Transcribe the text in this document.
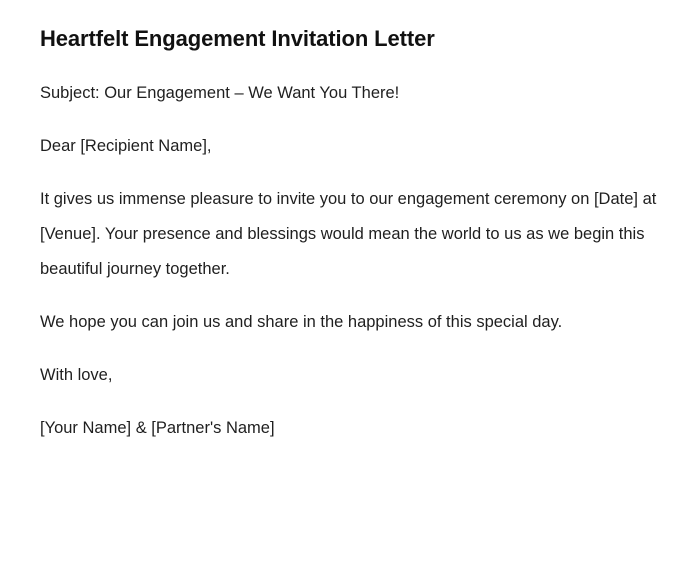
Heartfelt Engagement Invitation Letter

Subject: Our Engagement – We Want You There!

Dear [Recipient Name],

It gives us immense pleasure to invite you to our engagement ceremony on [Date] at [Venue]. Your presence and blessings would mean the world to us as we begin this beautiful journey together.

We hope you can join us and share in the happiness of this special day.

With love,

[Your Name] & [Partner's Name]
